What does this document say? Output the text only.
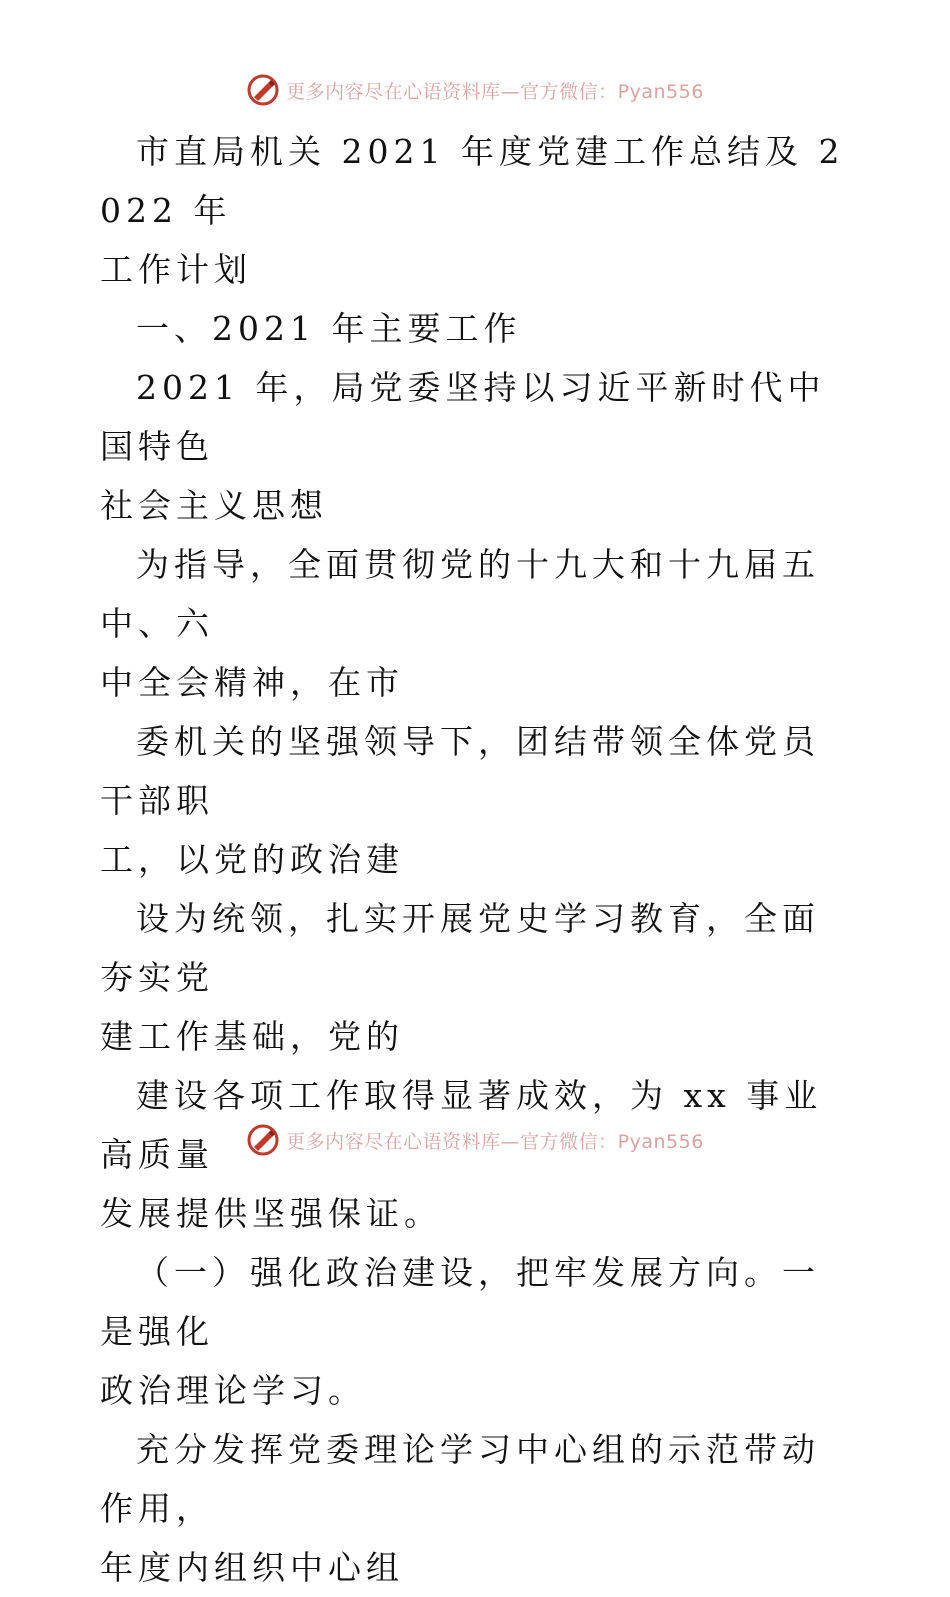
更多内容尽在心语资料库—官方微信：Pyan556

市直局机关 2021 年度党建工作总结及 2022 年
工作计划

一、2021 年主要工作

2021 年，局党委坚持以习近平新时代中国特色
社会主义思想

为指导，全面贯彻党的十九大和十九届五中、六
中全会精神，在市

委机关的坚强领导下，团结带领全体党员干部职
工，以党的政治建

设为统领，扎实开展党史学习教育，全面夯实党
建工作基础，党的

建设各项工作取得显著成效，为 xx 事业高质量
发展提供坚强保证。

（一）强化政治建设，把牢发展方向。一是强化
政治理论学习。

充分发挥党委理论学习中心组的示范带动作用，
年度内组织中心组

更多内容尽在心语资料库—官方微信：Pyan556
